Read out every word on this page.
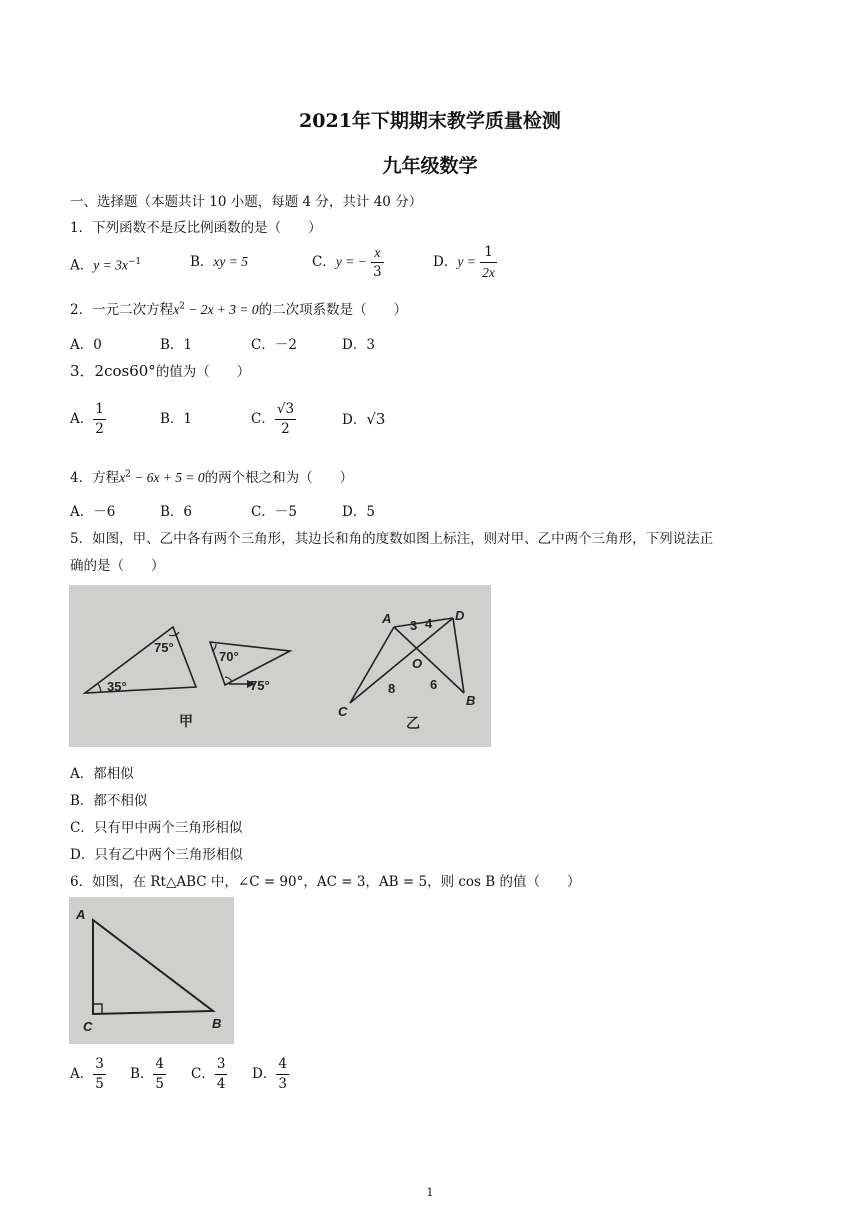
2021年下期期末教学质量检测
九年级数学
一、选择题（本题共计 10 小题，每题 4 分，共计 40 分）
1．下列函数不是反比例函数的是（　　）
A．$y = 3x^{-1}$	B．xy = 5	C．y = − $\frac{x}{3}$	D．$y = \frac{1}{2x}$
2．一元二次方程$x^2 - 2x + 3 = 0$的二次项系数是（　　）
A．0	B．1	C．－2	D．3
3．2cos60°的值为（　　）
A． $\frac{1}{2}$	B．1	C． $\frac{√3}{2}$	D．√3
4．方程$x^2 - 6x + 5 = 0$的两个根之和为（　　）
A．－6	B．6	C．－5	D．5
5．如图，甲、乙中各有两个三角形，其边长和角的度数如图上标注，则对甲、乙中两个三角形，下列说法正
确的是（　　）
75°
35°
70°
75°
甲
A	D
O
C
B
3 4
8	6
乙
A．都相似
B．都不相似
C．只有甲中两个三角形相似
D．只有乙中两个三角形相似
6．如图，在 Rt△ABC 中，∠C = 90°，AC = 3，AB = 5，则 cos B 的值（　　）
A
C	B
A． $\frac{3}{5}$ B． $\frac{4}{5}$ C． $\frac{3}{4}$ D． $\frac{4}{3}$
1
